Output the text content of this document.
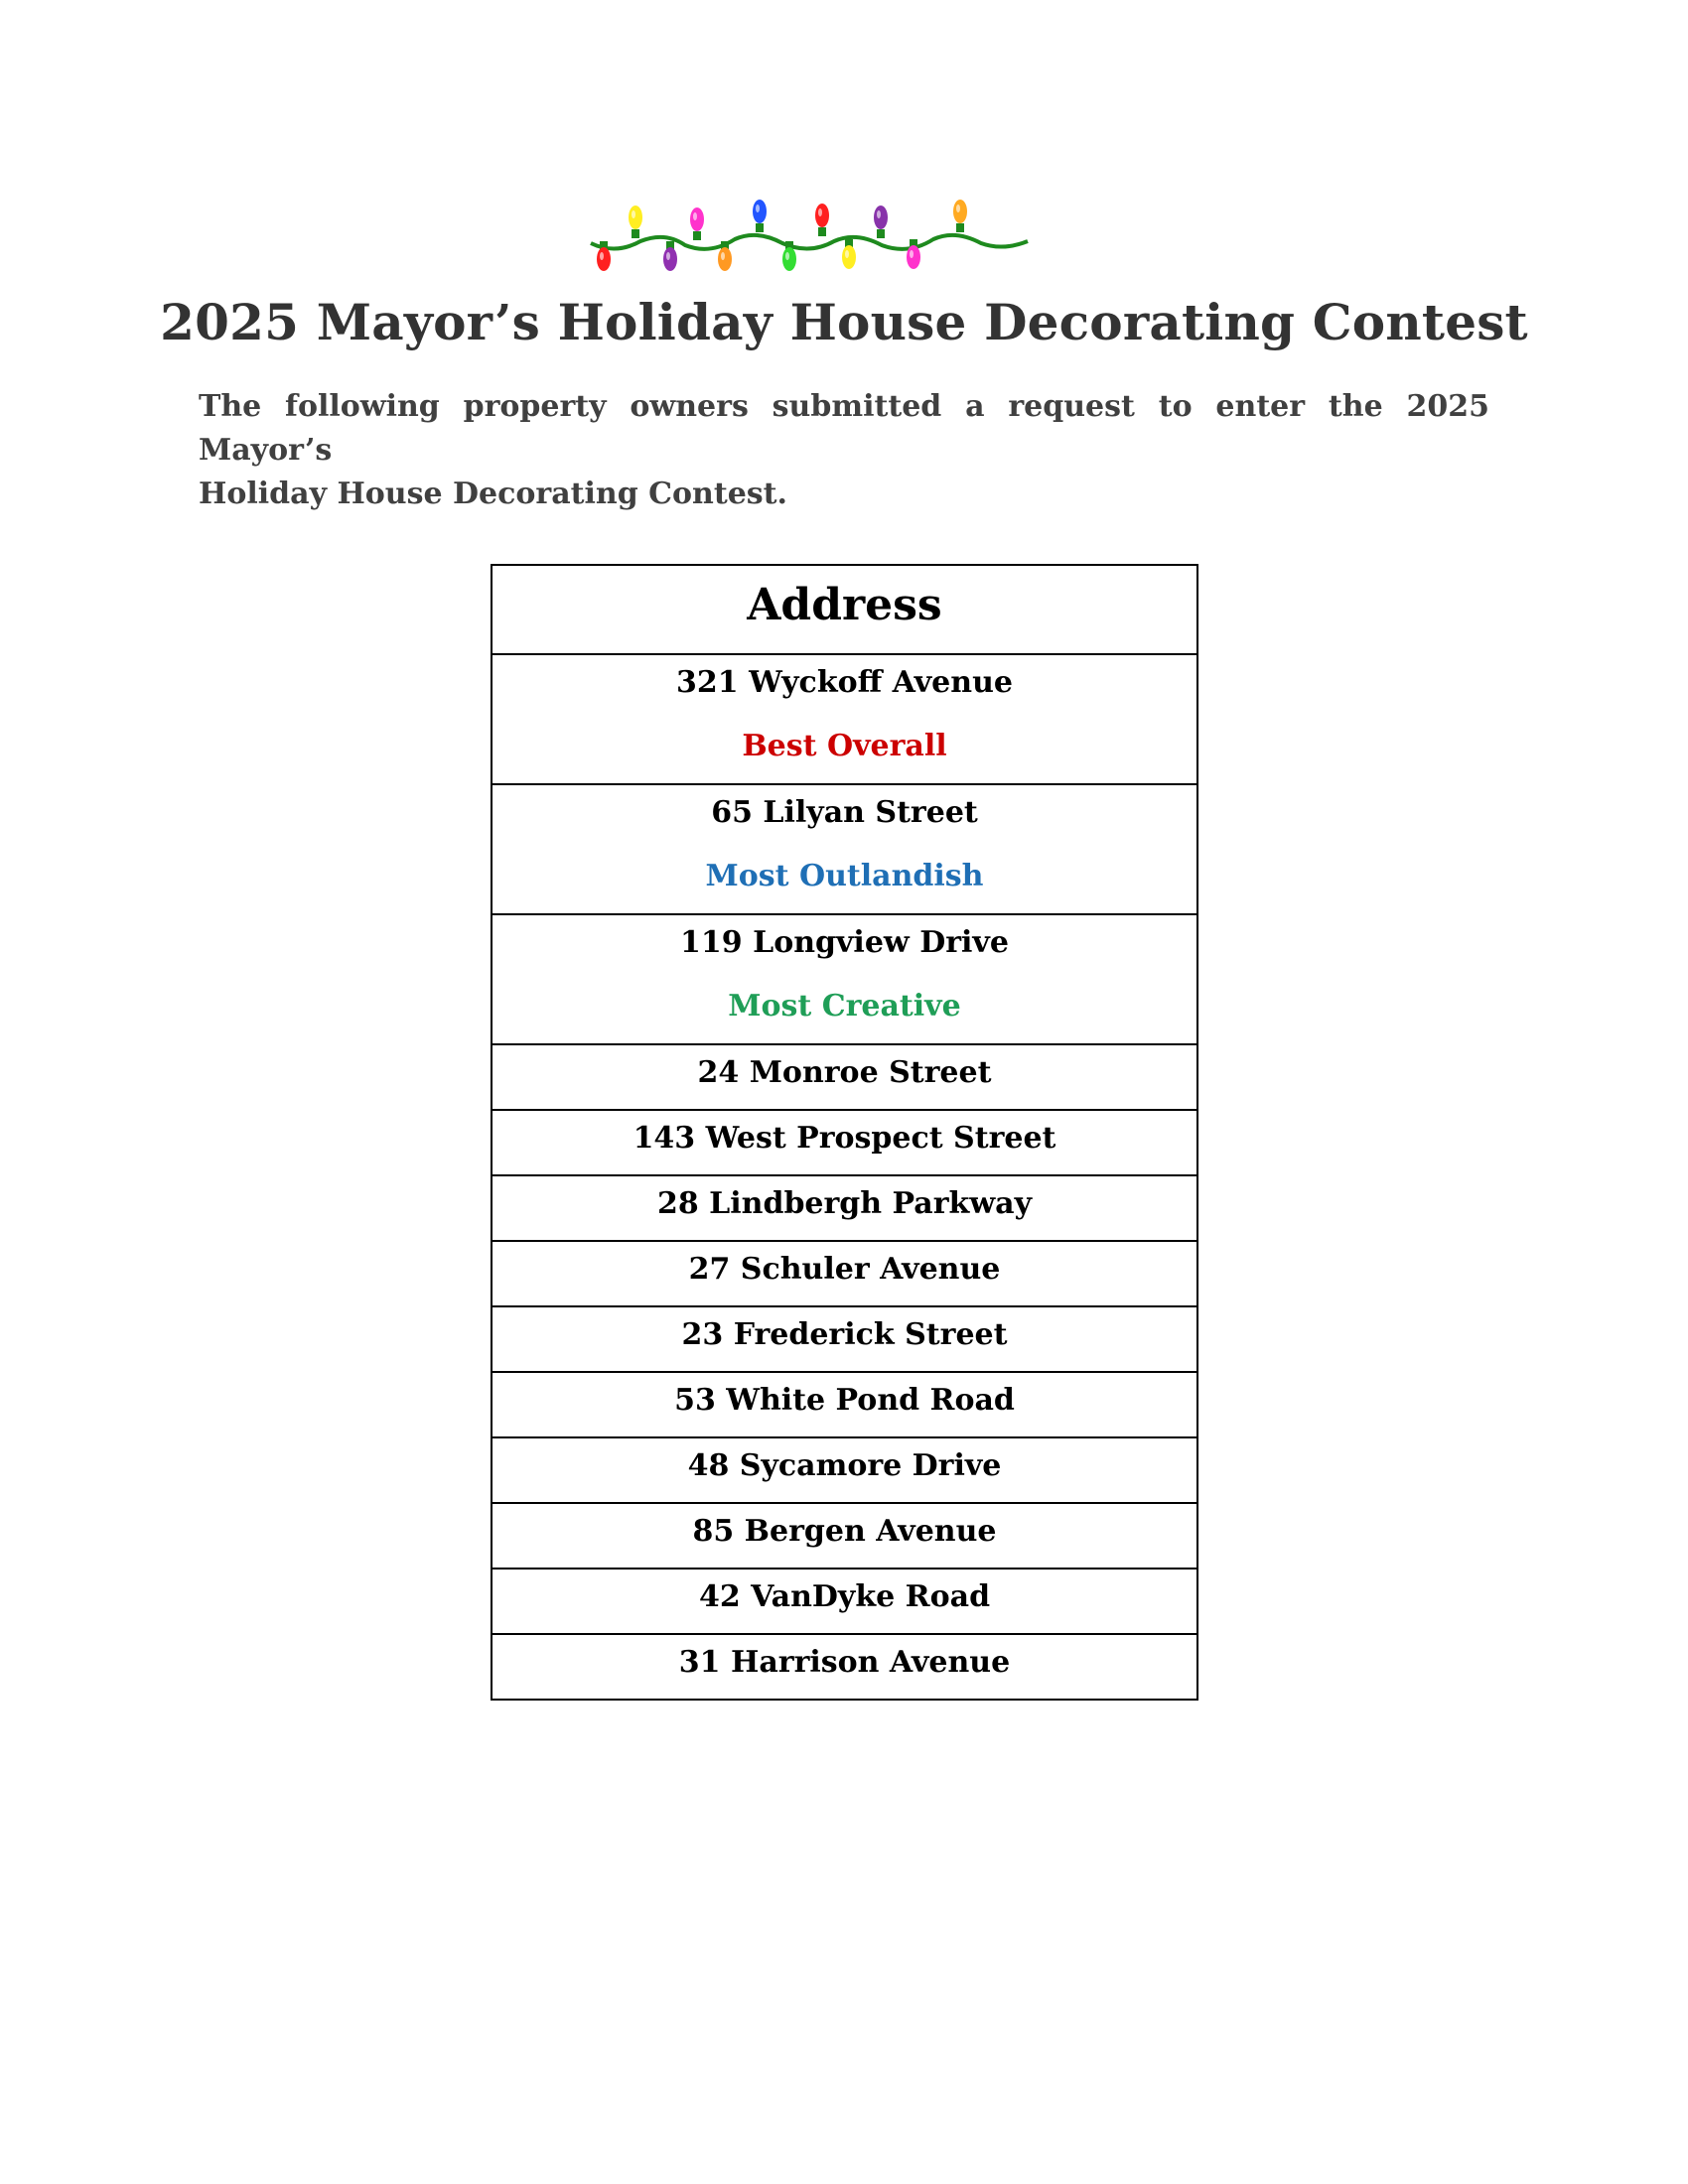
2025 Mayor’s Holiday House Decorating Contest
The following property owners submitted a request to enter the 2025 Mayor’s
Holiday House Decorating Contest.
Address
321 Wyckoff Avenue
Best Overall
65 Lilyan Street
Most Outlandish
119 Longview Drive
Most Creative
24 Monroe Street
143 West Prospect Street
28 Lindbergh Parkway
27 Schuler Avenue
23 Frederick Street
53 White Pond Road
48 Sycamore Drive
85 Bergen Avenue
42 VanDyke Road
31 Harrison Avenue
